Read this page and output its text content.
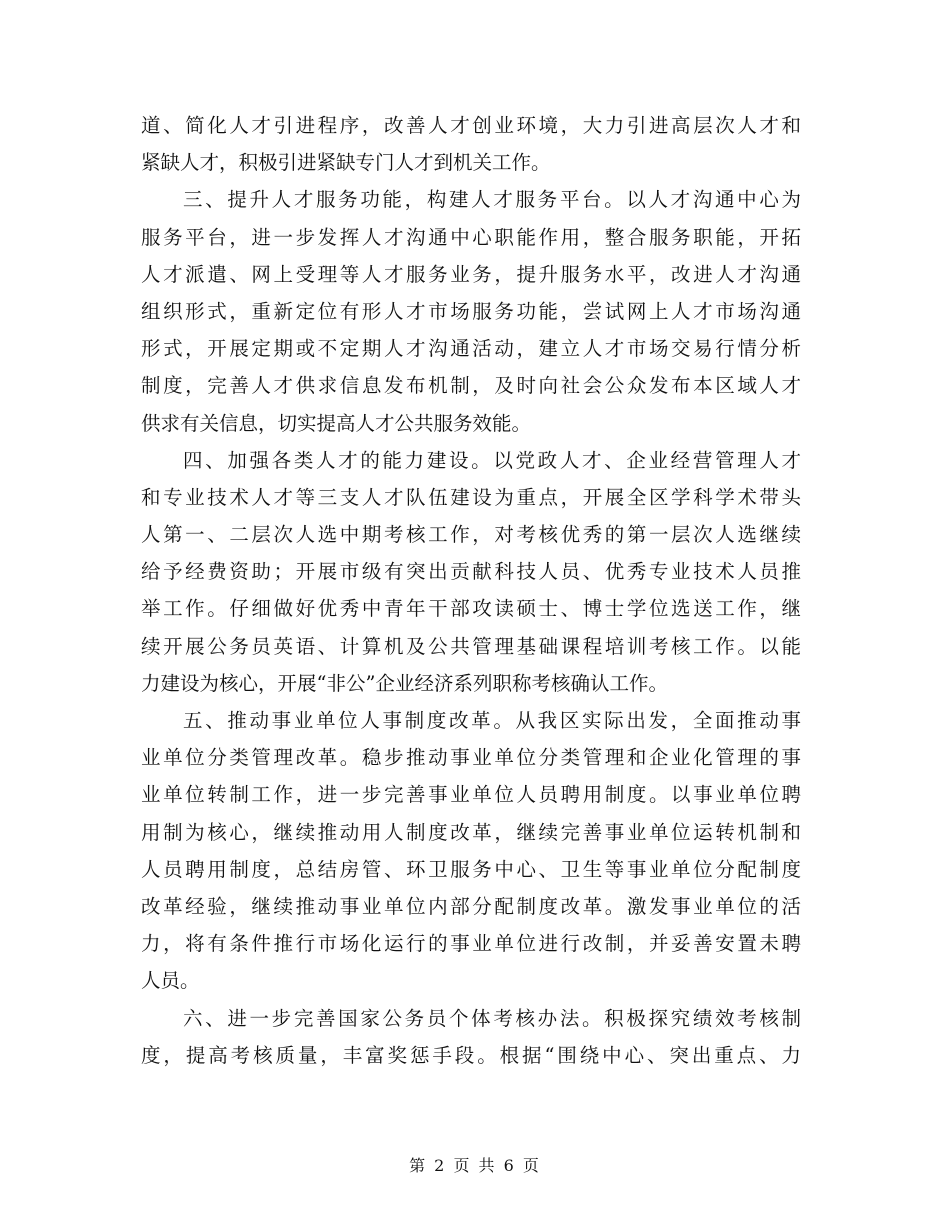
道、简化人才引进程序，改善人才创业环境，大力引进高层次人才和
紧缺人才，积极引进紧缺专门人才到机关工作。
三、提升人才服务功能，构建人才服务平台。以人才沟通中心为
服务平台，进一步发挥人才沟通中心职能作用，整合服务职能，开拓
人才派遣、网上受理等人才服务业务，提升服务水平，改进人才沟通
组织形式，重新定位有形人才市场服务功能，尝试网上人才市场沟通
形式，开展定期或不定期人才沟通活动，建立人才市场交易行情分析
制度，完善人才供求信息发布机制，及时向社会公众发布本区域人才
供求有关信息，切实提高人才公共服务效能。
四、加强各类人才的能力建设。以党政人才、企业经营管理人才
和专业技术人才等三支人才队伍建设为重点，开展全区学科学术带头
人第一、二层次人选中期考核工作，对考核优秀的第一层次人选继续
给予经费资助；开展市级有突出贡献科技人员、优秀专业技术人员推
举工作。仔细做好优秀中青年干部攻读硕士、博士学位选送工作，继
续开展公务员英语、计算机及公共管理基础课程培训考核工作。以能
力建设为核心，开展“非公”企业经济系列职称考核确认工作。
五、推动事业单位人事制度改革。从我区实际出发，全面推动事
业单位分类管理改革。稳步推动事业单位分类管理和企业化管理的事
业单位转制工作，进一步完善事业单位人员聘用制度。以事业单位聘
用制为核心，继续推动用人制度改革，继续完善事业单位运转机制和
人员聘用制度，总结房管、环卫服务中心、卫生等事业单位分配制度
改革经验，继续推动事业单位内部分配制度改革。激发事业单位的活
力，将有条件推行市场化运行的事业单位进行改制，并妥善安置未聘
人员。
六、进一步完善国家公务员个体考核办法。积极探究绩效考核制
度，提高考核质量，丰富奖惩手段。根据“围绕中心、突出重点、力
第 2 页 共 6 页
